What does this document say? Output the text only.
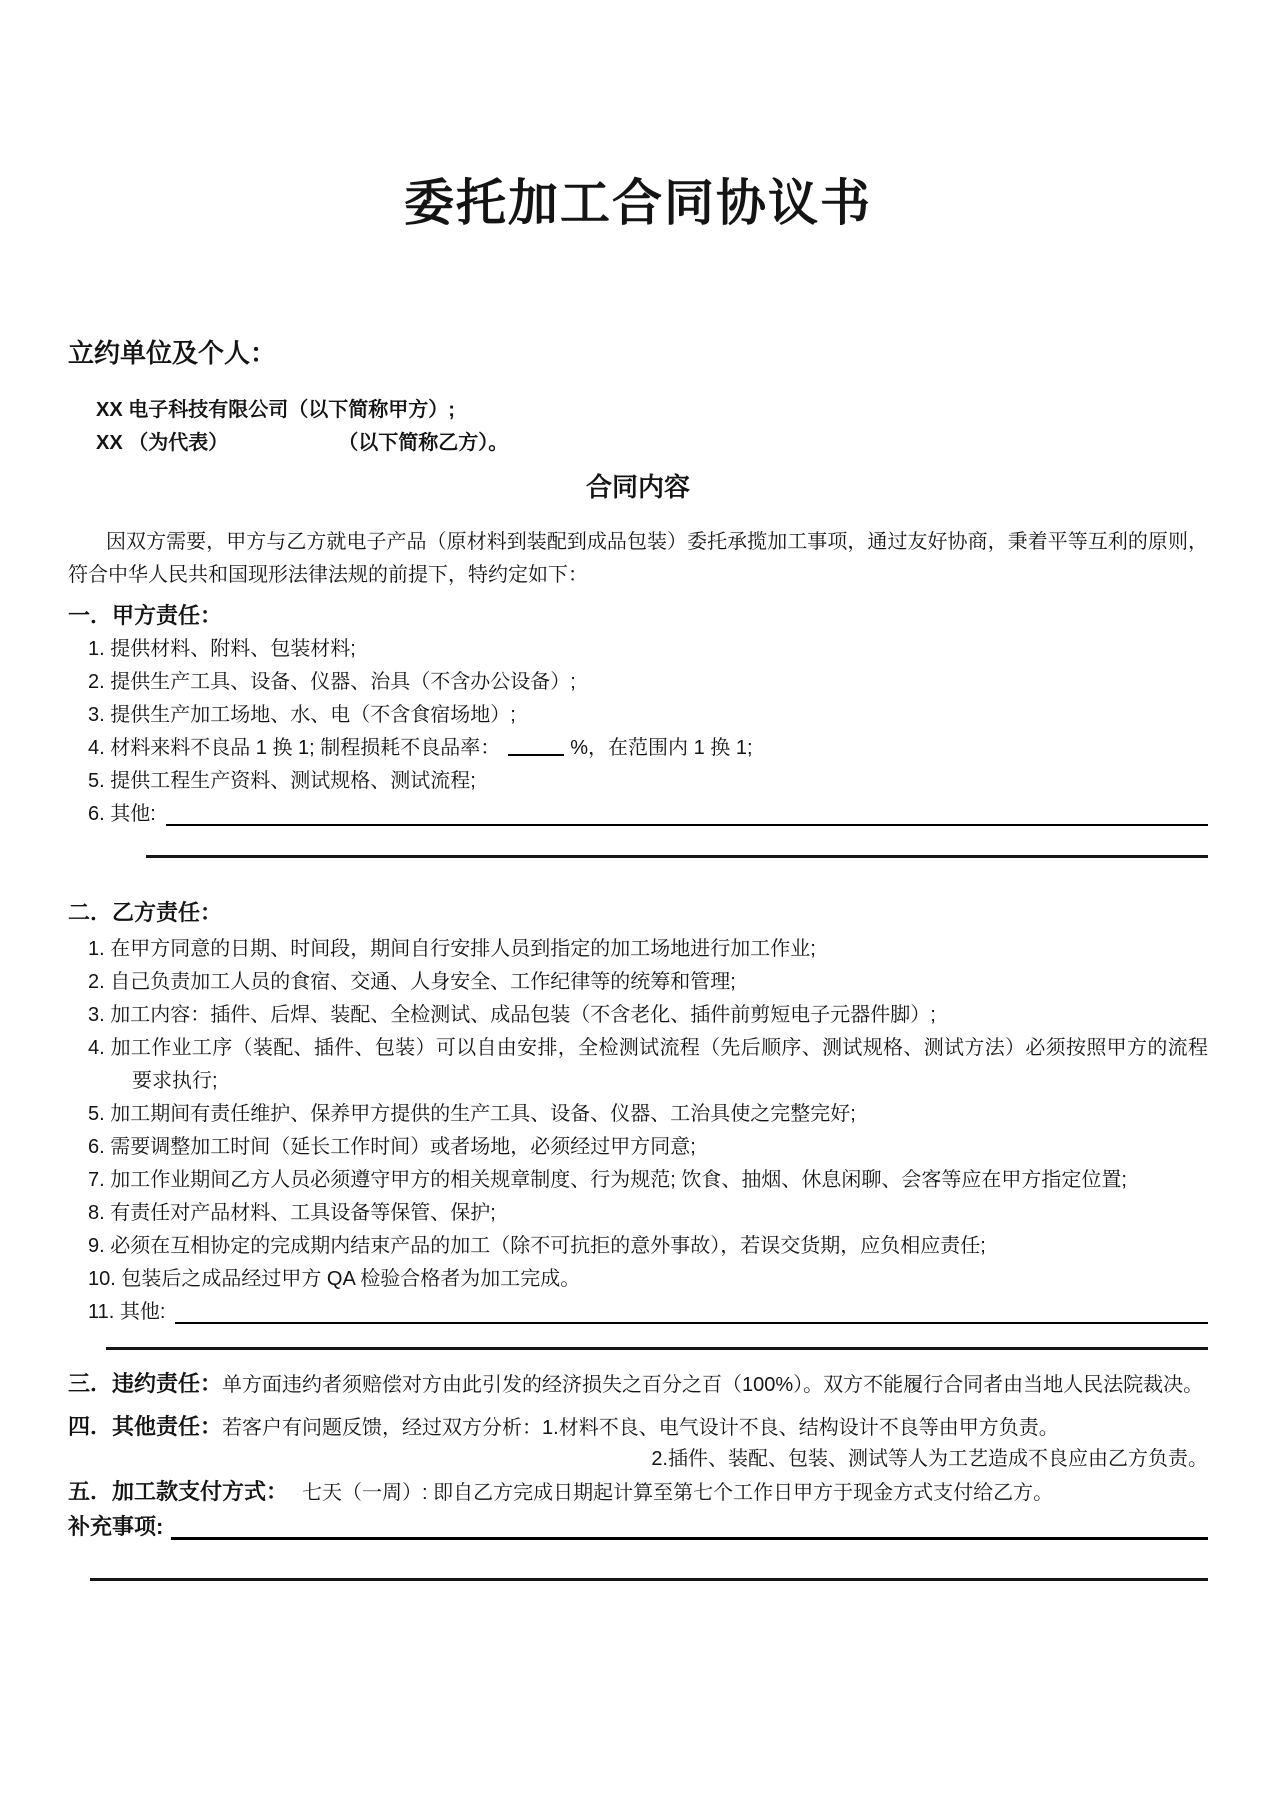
委托加工合同协议书
立约单位及个人：
XX 电子科技有限公司（以下简称甲方）;
XX （为代表）	（以下简称乙方）。
合同内容
因双方需要，甲方与乙方就电子产品（原材料到装配到成品包装）委托承揽加工事项，通过友好协商，秉着平等互利的原则，符合中华人民共和国现形法律法规的前提下，特约定如下：
一．甲方责任：
1. 提供材料、附料、包装材料;
2. 提供生产工具、设备、仪器、治具（不含办公设备）;
3. 提供生产加工场地、水、电（不含食宿场地）;
4. 材料来料不良品 1 换 1; 制程损耗不良品率：	%，在范围内 1 换 1;
5. 提供工程生产资料、测试规格、测试流程;
6. 其他:
二．乙方责任：
1. 在甲方同意的日期、时间段，期间自行安排人员到指定的加工场地进行加工作业;
2. 自己负责加工人员的食宿、交通、人身安全、工作纪律等的统筹和管理;
3. 加工内容：插件、后焊、装配、全检测试、成品包装（不含老化、插件前剪短电子元器件脚）;
4. 加工作业工序（装配、插件、包装）可以自由安排，全检测试流程（先后顺序、测试规格、测试方法）必须按照甲方的流程要求执行;
5. 加工期间有责任维护、保养甲方提供的生产工具、设备、仪器、工治具使之完整完好;
6. 需要调整加工时间（延长工作时间）或者场地，必须经过甲方同意;
7. 加工作业期间乙方人员必须遵守甲方的相关规章制度、行为规范; 饮食、抽烟、休息闲聊、会客等应在甲方指定位置;
8. 有责任对产品材料、工具设备等保管、保护;
9. 必须在互相协定的完成期内结束产品的加工（除不可抗拒的意外事故），若误交货期，应负相应责任;
10. 包装后之成品经过甲方 QA 检验合格者为加工完成。
11. 其他:
三．违约责任：单方面违约者须赔偿对方由此引发的经济损失之百分之百（100%）。双方不能履行合同者由当地人民法院裁决。
四．其他责任：若客户有问题反馈，经过双方分析：1.材料不良、电气设计不良、结构设计不良等由甲方负责。
2.插件、装配、包装、测试等人为工艺造成不良应由乙方负责。
五．加工款支付方式： 七天（一周）: 即自乙方完成日期起计算至第七个工作日甲方于现金方式支付给乙方。
补充事项:
